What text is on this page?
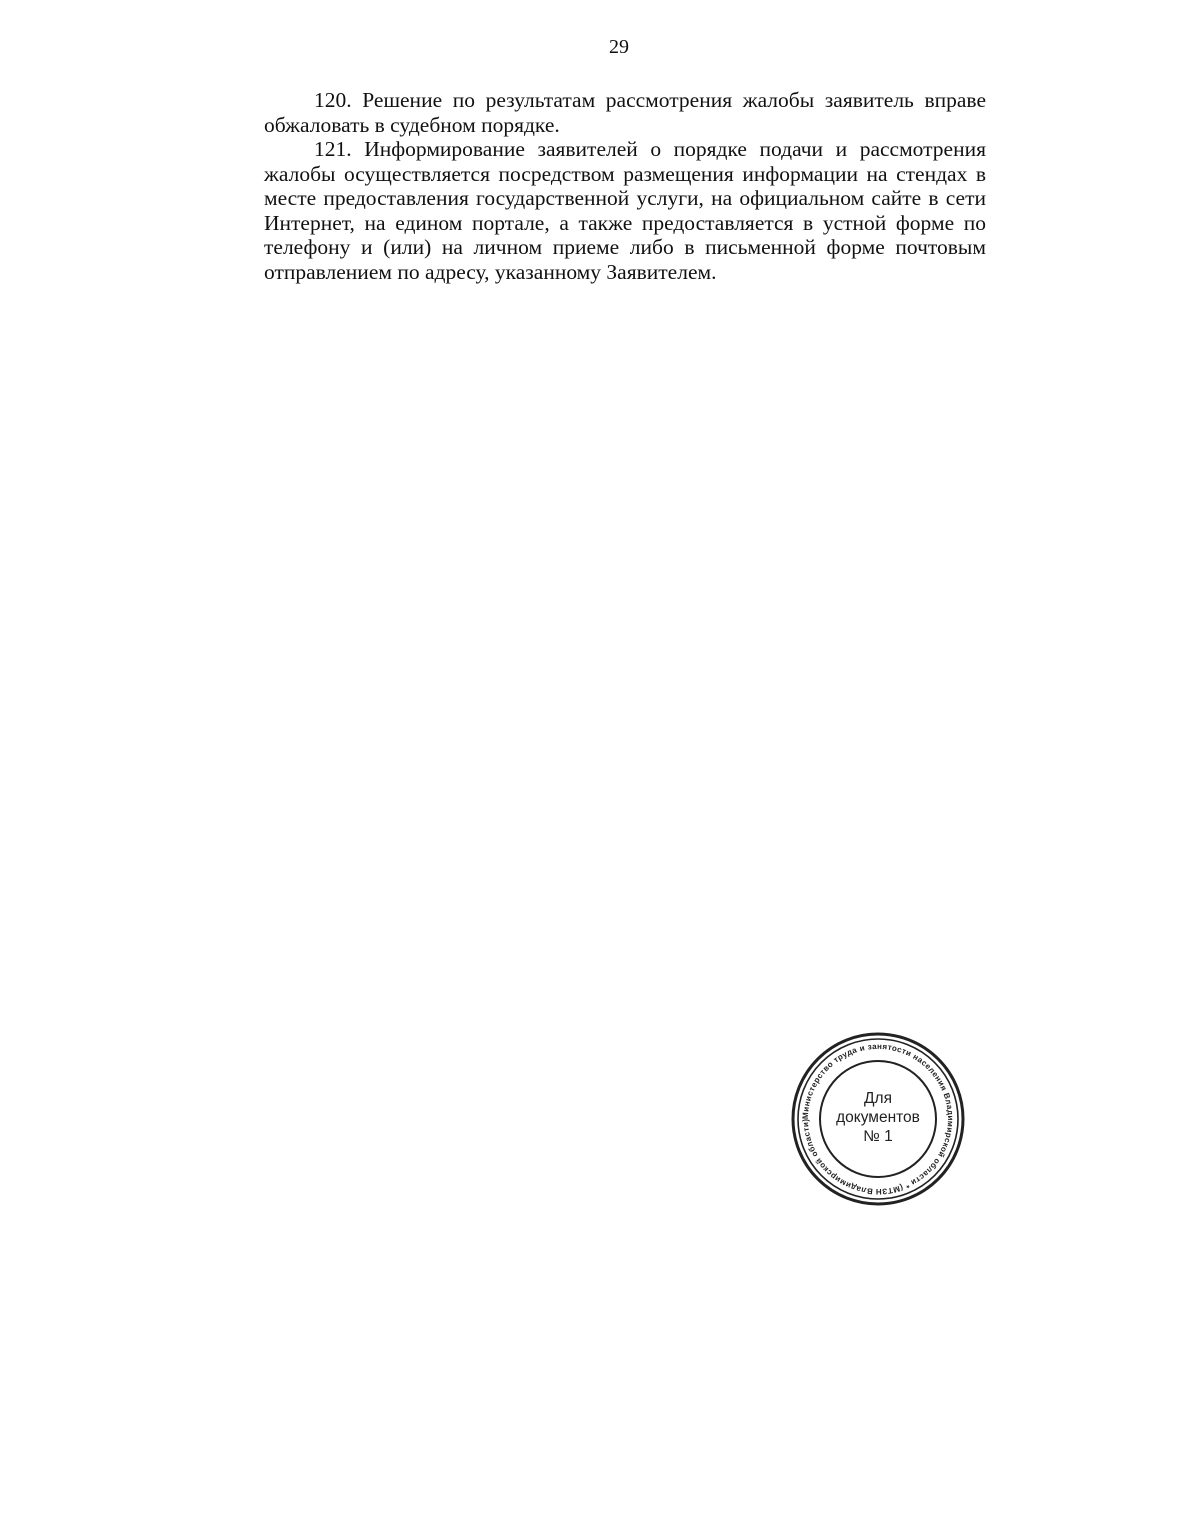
29

120. Решение по результатам рассмотрения жалобы заявитель вправе обжаловать в судебном порядке.

121. Информирование заявителей о порядке подачи и рассмотрения жалобы осуществляется посредством размещения информации на стендах в месте предоставления государственной услуги, на официальном сайте в сети Интернет, на едином портале, а также предоставляется в устной форме по телефону и (или) на личном приеме либо в письменной форме почтовым отправлением по адресу, указанному Заявителем.

Министерство труда и занятости населения Владимирской области * (МТЗН Владимирской области)
Для
документов
№ 1
